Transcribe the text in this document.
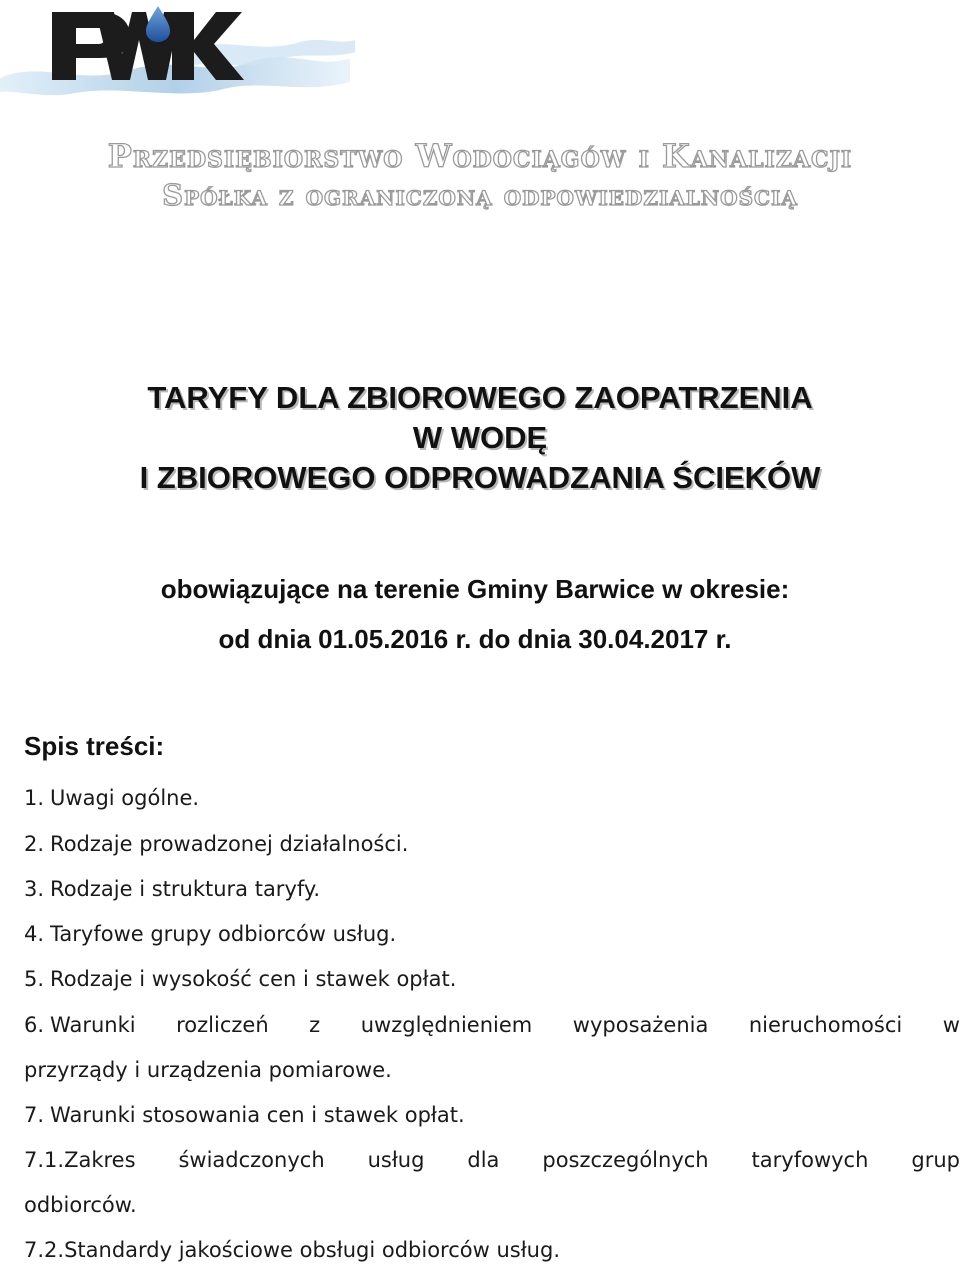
Przedsiębiorstwo Wodociągów i Kanalizacji
Spółka z ograniczoną odpowiedzialnością
TARYFY DLA ZBIOROWEGO ZAOPATRZENIA
W WODĘ
I ZBIOROWEGO ODPROWADZANIA ŚCIEKÓW
obowiązujące na terenie Gminy Barwice w okresie:
od dnia 01.05.2016 r. do dnia 30.04.2017 r.
Spis treści:
1. Uwagi ogólne.
2. Rodzaje prowadzonej działalności.
3. Rodzaje i struktura taryfy.
4. Taryfowe grupy odbiorców usług.
5. Rodzaje i wysokość cen i stawek opłat.
6. Warunki rozliczeń z uwzględnieniem wyposażenia nieruchomości w
przyrządy i urządzenia pomiarowe.
7. Warunki stosowania cen i stawek opłat.
7.1.Zakres świadczonych usług dla poszczególnych taryfowych grup
odbiorców.
7.2.Standardy jakościowe obsługi odbiorców usług.
